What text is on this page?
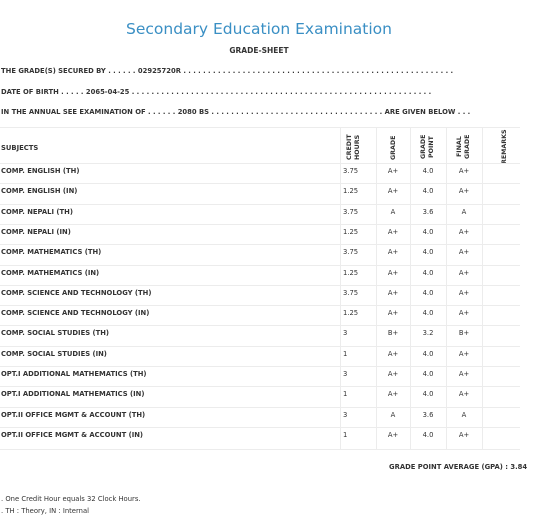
Secondary Education Examination
GRADE-SHEET
THE GRADE(S) SECURED BY . . . . . . 02925720R . . . . . . . . . . . . . . . . . . . . . . . . . . . . . . . . . . . . . . . . . . . . . . . . . . . . . . .
DATE OF BIRTH . . . . . 2065-04-25 . . . . . . . . . . . . . . . . . . . . . . . . . . . . . . . . . . . . . . . . . . . . . . . . . . . . . . . . . . . . .
IN THE ANNUAL SEE EXAMINATION OF . . . . . . 2080 BS . . . . . . . . . . . . . . . . . . . . . . . . . . . . . . . . . . . ARE GIVEN BELOW . . .
SUBJECTS	CREDIT HOURS	GRADE	GRADE POINT	FINAL GRADE	REMARKS
COMP. ENGLISH (TH)	3.75	A+	4.0	A+
COMP. ENGLISH (IN)	1.25	A+	4.0	A+
COMP. NEPALI (TH)	3.75	A	3.6	A
COMP. NEPALI (IN)	1.25	A+	4.0	A+
COMP. MATHEMATICS (TH)	3.75	A+	4.0	A+
COMP. MATHEMATICS (IN)	1.25	A+	4.0	A+
COMP. SCIENCE AND TECHNOLOGY (TH)	3.75	A+	4.0	A+
COMP. SCIENCE AND TECHNOLOGY (IN)	1.25	A+	4.0	A+
COMP. SOCIAL STUDIES (TH)	3	B+	3.2	B+
COMP. SOCIAL STUDIES (IN)	1	A+	4.0	A+
OPT.I ADDITIONAL MATHEMATICS (TH)	3	A+	4.0	A+
OPT.I ADDITIONAL MATHEMATICS (IN)	1	A+	4.0	A+
OPT.II OFFICE MGMT & ACCOUNT (TH)	3	A	3.6	A
OPT.II OFFICE MGMT & ACCOUNT (IN)	1	A+	4.0	A+
GRADE POINT AVERAGE (GPA) : 3.84
. One Credit Hour equals 32 Clock Hours.
. TH : Theory, IN : Internal
